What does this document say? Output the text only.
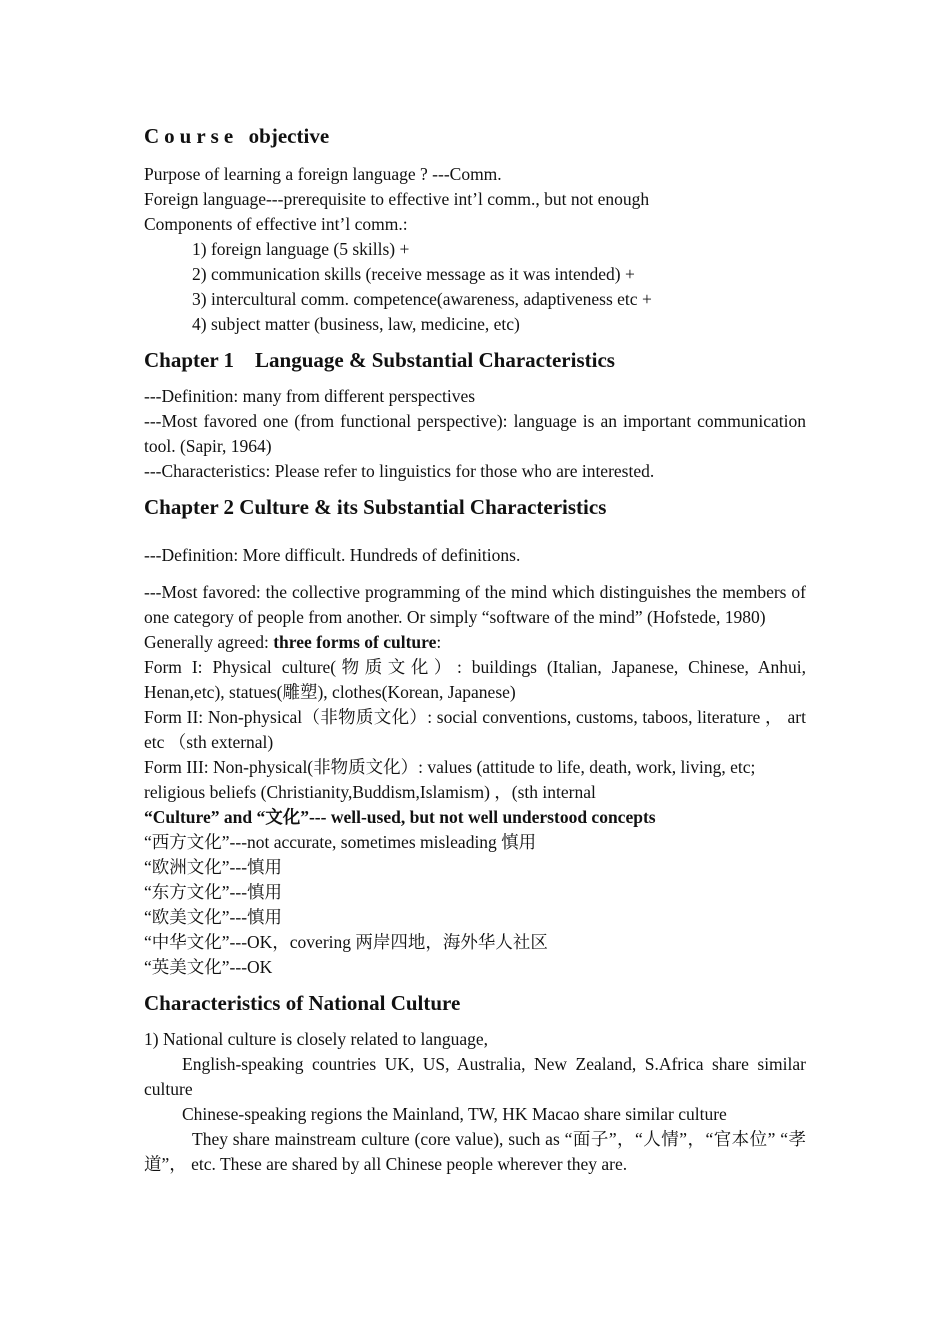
Course objective

Purpose of learning a foreign language ? ---Comm.

Foreign language---prerequisite to effective int’l comm., but not enough

Components of effective int’l comm.:

1) foreign language (5 skills) +

2) communication skills (receive message as it was intended) +

3) intercultural comm. competence(awareness, adaptiveness etc +

4) subject matter (business, law, medicine, etc)

Chapter 1    Language & Substantial Characteristics

---Definition: many from different perspectives

---Most favored one (from functional perspective): language is an important communication tool. (Sapir, 1964)

---Characteristics: Please refer to linguistics for those who are interested.

Chapter 2 Culture & its Substantial Characteristics

---Definition: More difficult. Hundreds of definitions.

---Most favored: the collective programming of the mind which distinguishes the members of one category of people from another. Or simply “software of the mind” (Hofstede, 1980)

Generally agreed: three forms of culture:

Form I: Physical culture(物质文化）: buildings (Italian, Japanese, Chinese, Anhui, Henan,etc), statues(雕塑), clothes(Korean, Japanese)

Form II: Non-physical（非物质文化）: social conventions, customs, taboos, literature ， art etc （sth external)

Form III: Non-physical(非物质文化）: values (attitude to life, death, work, living, etc; religious beliefs (Christianity,Buddism,Islamism) ，(sth internal

“Culture” and “文化”--- well-used, but not well understood concepts

“西方文化”---not accurate, sometimes misleading 慎用

“欧洲文化”---慎用

“东方文化”---慎用

“欧美文化”---慎用

“中华文化”---OK，covering 两岸四地，海外华人社区

“英美文化”---OK

Characteristics of National Culture

1) National culture is closely related to language,

English-speaking countries UK, US, Australia, New Zealand, S.Africa share similar culture

Chinese-speaking regions the Mainland, TW, HK Macao share similar culture

They share mainstream culture (core value), such as “面子”，“人情”，“官本位” “孝道”， etc. These are shared by all Chinese people wherever they are.
